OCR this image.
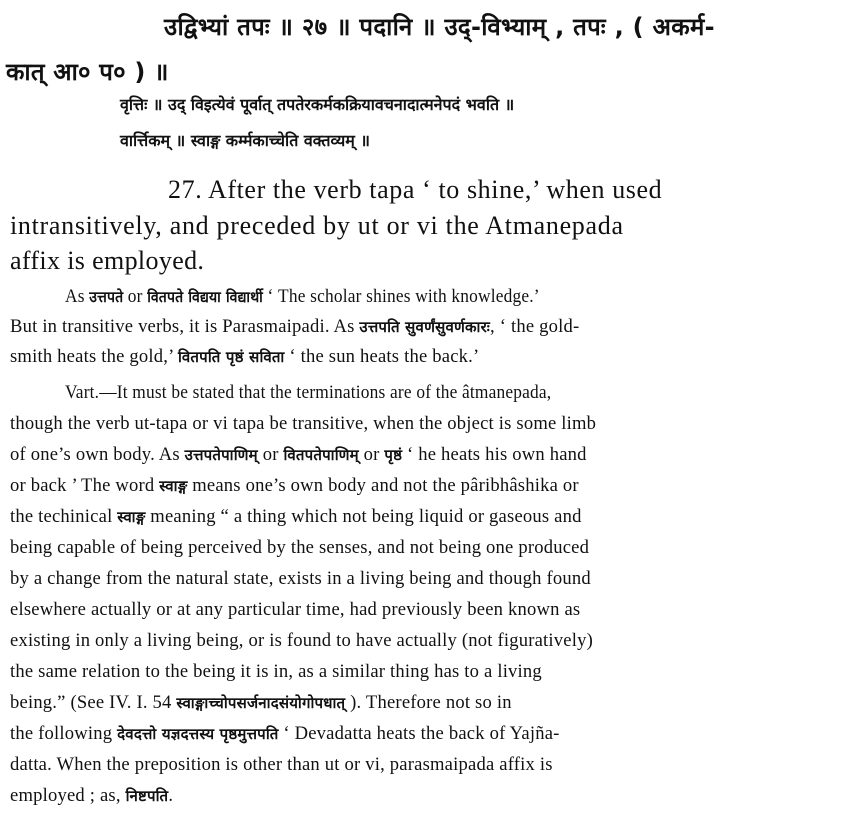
उद्विभ्यां तपः ॥ २७ ॥ पदानि ॥ उद्-विभ्याम् , तपः , ( अकर्म-
कात् आ० प० ) ॥
वृत्तिः ॥ उद् विइत्येवं पूर्वात् तपतेरकर्मकक्रियावचनादात्मनेपदं भवति ॥
वार्त्तिकम् ॥ स्वाङ्ग कर्म्मकाच्चेति वक्तव्यम् ॥
27. After the verb tapa ‘ to shine,’ when used
intransitively, and preceded by ut or vi the Atmanepada
affix is employed.
As उत्तपते or वितपते विद्यया विद्यार्थी ‘ The scholar shines with knowledge.’
But in transitive verbs, it is Parasmaipadi. As उत्तपति सुवर्णंसुवर्णकारः, ‘ the gold-
smith heats the gold,’ वितपति पृष्ठं सविता ‘ the sun heats the back.’
Vart.—It must be stated that the terminations are of the âtmanepada,
though the verb ut-tapa or vi tapa be transitive, when the object is some limb
of one’s own body. As उत्तपतेपाणिम् or वितपतेपाणिम् or पृष्ठं ‘ he heats his own hand
or back ’ The word स्वाङ्ग means one’s own body and not the pâribhâshika or
the techinical स्वाङ्ग meaning “ a thing which not being liquid or gaseous and
being capable of being perceived by the senses, and not being one produced
by a change from the natural state, exists in a living being and though found
elsewhere actually or at any particular time, had previously been known as
existing in only a living being, or is found to have actually (not figuratively)
the same relation to the being it is in, as a similar thing has to a living
being.” (See IV. I. 54 स्वाङ्गाच्चोपसर्जनादसंयोगोपधात् ). Therefore not so in
the following देवदत्तो यज्ञदत्तस्य पृष्ठमुत्तपति ‘ Devadatta heats the back of Yajña-
datta. When the preposition is other than ut or vi, parasmaipada affix is
employed ; as, निष्टपति.
